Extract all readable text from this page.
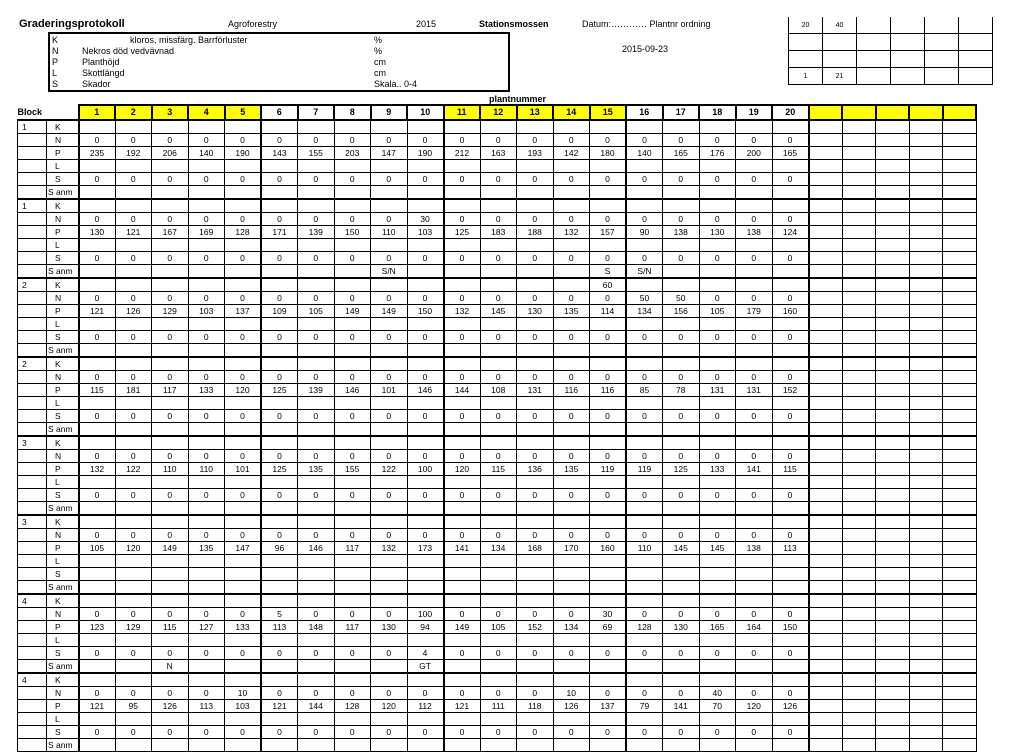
Graderingsprotokoll	Agroforestry	2015	Stationsmossen	Datum:………… Plantnr ordning
2015-09-23
K	kloros, missfärg. Barrförluster	%
N	Nekros död vedvävnad	%
P	Planthöjd	cm
L	Skottlängd	cm
S	Skador	Skala.. 0-4
20	40				

1	21				
plantnummer
Block		1	2	3	4	5	6	7	8	9	10	11	12	13	14	15	16	17	18	19	20					
1	K																									
	N	0	0	0	0	0	0	0	0	0	0	0	0	0	0	0	0	0	0	0	0					
	P	235	192	206	140	190	143	155	203	147	190	212	163	193	142	180	140	165	176	200	165					
	L																									
	S	0	0	0	0	0	0	0	0	0	0	0	0	0	0	0	0	0	0	0	0					
	S anm																									
1	K																									
	N	0	0	0	0	0	0	0	0	0	30	0	0	0	0	0	0	0	0	0	0					
	P	130	121	167	169	128	171	139	150	110	103	125	183	188	132	157	90	138	130	138	124					
	L																									
	S	0	0	0	0	0	0	0	0	0	0	0	0	0	0	0	0	0	0	0	0					
	S anm									S/N						S	S/N									
2	K															60										
	N	0	0	0	0	0	0	0	0	0	0	0	0	0	0	0	50	50	0	0	0					
	P	121	126	129	103	137	109	105	149	149	150	132	145	130	135	114	134	156	105	179	160					
	L																									
	S	0	0	0	0	0	0	0	0	0	0	0	0	0	0	0	0	0	0	0	0					
	S anm																									
2	K																									
	N	0	0	0	0	0	0	0	0	0	0	0	0	0	0	0	0	0	0	0	0					
	P	115	181	117	133	120	125	139	146	101	146	144	108	131	116	116	85	78	131	131	152					
	L																									
	S	0	0	0	0	0	0	0	0	0	0	0	0	0	0	0	0	0	0	0	0					
	S anm																									
3	K																									
	N	0	0	0	0	0	0	0	0	0	0	0	0	0	0	0	0	0	0	0	0					
	P	132	122	110	110	101	125	135	155	122	100	120	115	136	135	119	119	125	133	141	115					
	L																									
	S	0	0	0	0	0	0	0	0	0	0	0	0	0	0	0	0	0	0	0	0					
	S anm																									
3	K																									
	N	0	0	0	0	0	0	0	0	0	0	0	0	0	0	0	0	0	0	0	0					
	P	105	120	149	135	147	96	146	117	132	173	141	134	168	170	160	110	145	145	138	113					
	L																									
	S																									
	S anm																									
4	K																									
	N	0	0	0	0	0	5	0	0	0	100	0	0	0	0	30	0	0	0	0	0					
	P	123	129	115	127	133	113	148	117	130	94	149	105	152	134	69	128	130	165	164	150					
	L																									
	S	0	0	0	0	0	0	0	0	0	4	0	0	0	0	0	0	0	0	0	0					
	S anm			N							GT															
4	K																									
	N	0	0	0	0	10	0	0	0	0	0	0	0	0	10	0	0	0	40	0	0					
	P	121	95	126	113	103	121	144	128	120	112	121	111	118	126	137	79	141	70	120	126					
	L																									
	S	0	0	0	0	0	0	0	0	0	0	0	0	0	0	0	0	0	0	0	0					
	S anm																									
